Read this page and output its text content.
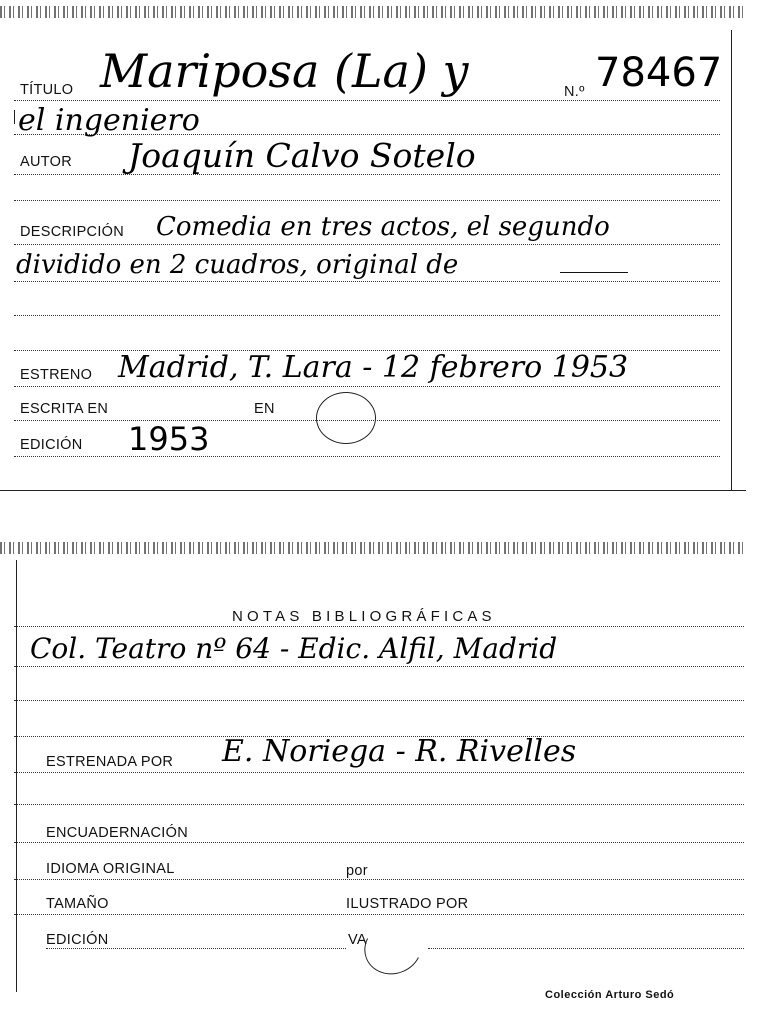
TÍTULO Mariposa (La) y	N.º 78467
el ingeniero
AUTOR Joaquín Calvo Sotelo
DESCRIPCIÓN Comedia en tres actos, el segundo
dividido en 2 cuadros, original de
ESTRENO Madrid, T. Lara - 12 febrero 1953
ESCRITA EN	EN
EDICIÓN 1953
NOTAS BIBLIOGRÁFICAS
Col. Teatro nº 64 - Edic. Alfil, Madrid
ESTRENADA POR E. Noriega - R. Rivelles
ENCUADERNACIÓN
IDIOMA ORIGINAL	por
TAMAÑO	ILUSTRADO POR
EDICIÓN	VA
Colección Arturo Sedó
